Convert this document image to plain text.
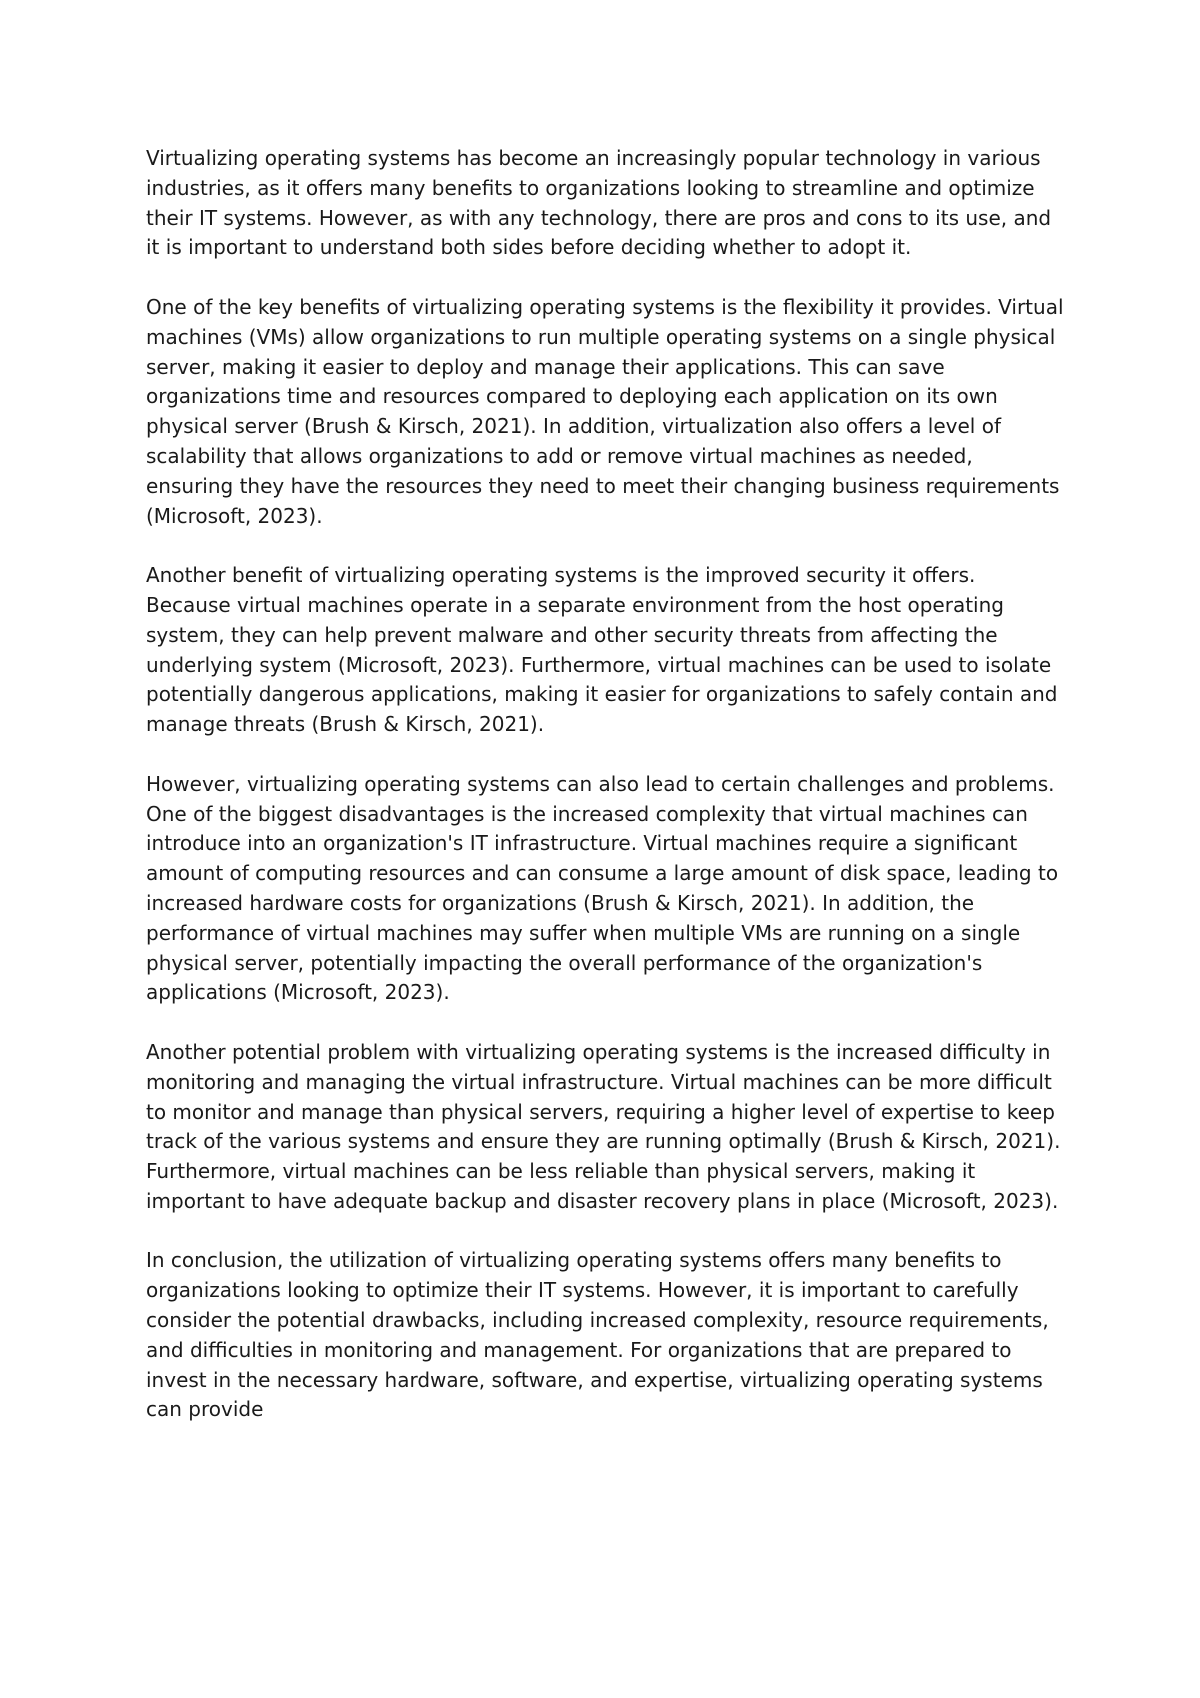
Virtualizing operating systems has become an increasingly popular technology in various industries, as it offers many benefits to organizations looking to streamline and optimize their IT systems. However, as with any technology, there are pros and cons to its use, and it is important to understand both sides before deciding whether to adopt it.

One of the key benefits of virtualizing operating systems is the flexibility it provides. Virtual machines (VMs) allow organizations to run multiple operating systems on a single physical server, making it easier to deploy and manage their applications. This can save organizations time and resources compared to deploying each application on its own physical server (Brush & Kirsch, 2021). In addition, virtualization also offers a level of scalability that allows organizations to add or remove virtual machines as needed, ensuring they have the resources they need to meet their changing business requirements (Microsoft, 2023).

Another benefit of virtualizing operating systems is the improved security it offers. Because virtual machines operate in a separate environment from the host operating system, they can help prevent malware and other security threats from affecting the underlying system (Microsoft, 2023). Furthermore, virtual machines can be used to isolate potentially dangerous applications, making it easier for organizations to safely contain and manage threats (Brush & Kirsch, 2021).

However, virtualizing operating systems can also lead to certain challenges and problems. One of the biggest disadvantages is the increased complexity that virtual machines can introduce into an organization's IT infrastructure. Virtual machines require a significant amount of computing resources and can consume a large amount of disk space, leading to increased hardware costs for organizations (Brush & Kirsch, 2021). In addition, the performance of virtual machines may suffer when multiple VMs are running on a single physical server, potentially impacting the overall performance of the organization's applications (Microsoft, 2023).

Another potential problem with virtualizing operating systems is the increased difficulty in monitoring and managing the virtual infrastructure. Virtual machines can be more difficult to monitor and manage than physical servers, requiring a higher level of expertise to keep track of the various systems and ensure they are running optimally (Brush & Kirsch, 2021). Furthermore, virtual machines can be less reliable than physical servers, making it important to have adequate backup and disaster recovery plans in place (Microsoft, 2023).

In conclusion, the utilization of virtualizing operating systems offers many benefits to organizations looking to optimize their IT systems. However, it is important to carefully consider the potential drawbacks, including increased complexity, resource requirements, and difficulties in monitoring and management. For organizations that are prepared to invest in the necessary hardware, software, and expertise, virtualizing operating systems can provide
